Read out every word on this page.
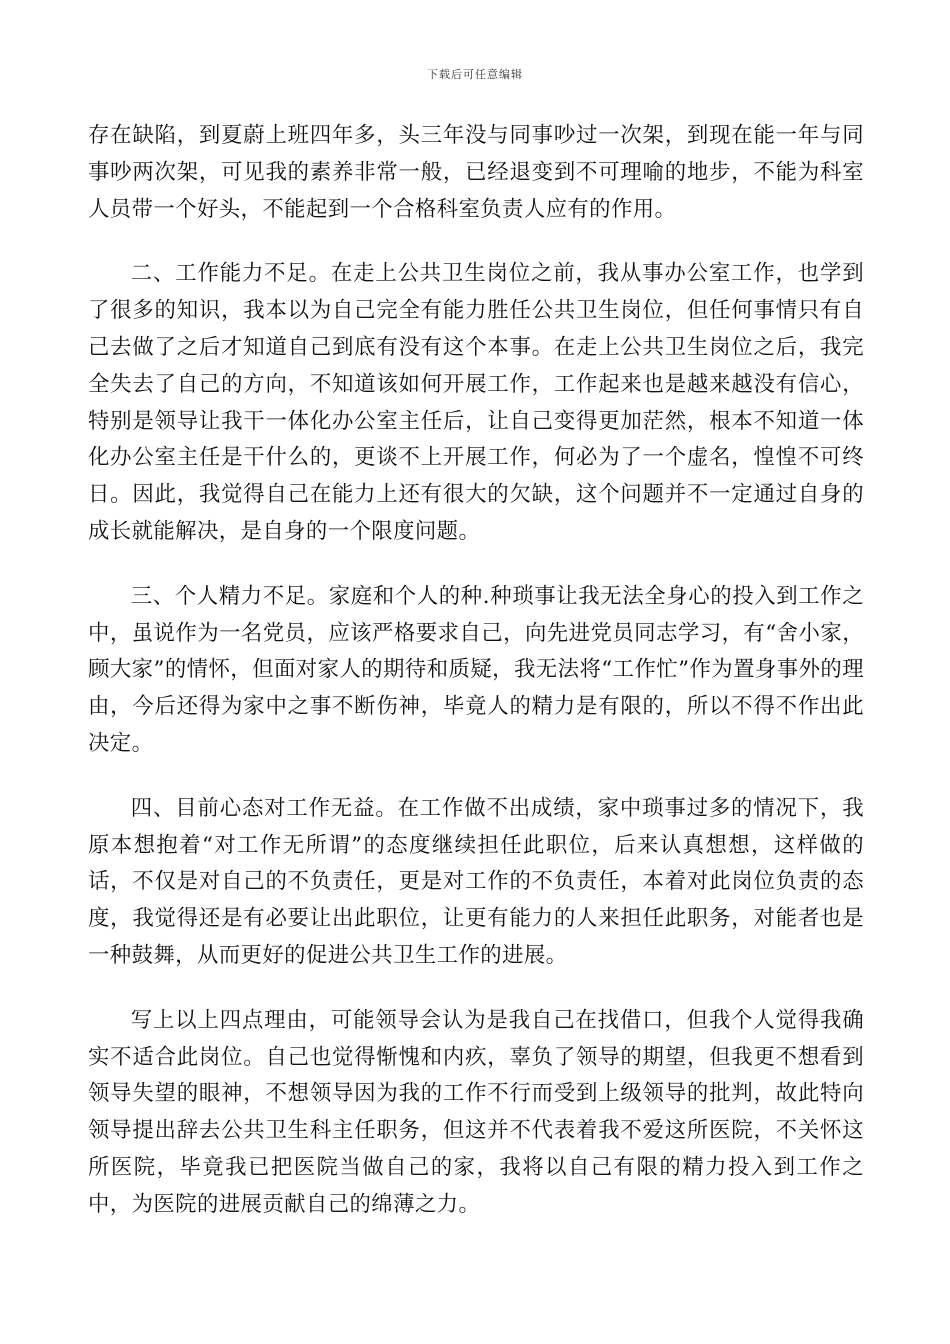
下载后可任意编辑

存在缺陷，到夏蔚上班四年多，头三年没与同事吵过一次架，到现在能一年与同事吵两次架，可见我的素养非常一般，已经退变到不可理喻的地步，不能为科室人员带一个好头，不能起到一个合格科室负责人应有的作用。

二、工作能力不足。在走上公共卫生岗位之前，我从事办公室工作，也学到了很多的知识，我本以为自己完全有能力胜任公共卫生岗位，但任何事情只有自己去做了之后才知道自己到底有没有这个本事。在走上公共卫生岗位之后，我完全失去了自己的方向，不知道该如何开展工作，工作起来也是越来越没有信心，特别是领导让我干一体化办公室主任后，让自己变得更加茫然，根本不知道一体化办公室主任是干什么的，更谈不上开展工作，何必为了一个虚名，惶惶不可终日。因此，我觉得自己在能力上还有很大的欠缺，这个问题并不一定通过自身的成长就能解决，是自身的一个限度问题。

三、个人精力不足。家庭和个人的种.种琐事让我无法全身心的投入到工作之中，虽说作为一名党员，应该严格要求自己，向先进党员同志学习，有“舍小家，顾大家”的情怀，但面对家人的期待和质疑，我无法将“工作忙”作为置身事外的理由，今后还得为家中之事不断伤神，毕竟人的精力是有限的，所以不得不作出此决定。

四、目前心态对工作无益。在工作做不出成绩，家中琐事过多的情况下，我原本想抱着“对工作无所谓”的态度继续担任此职位，后来认真想想，这样做的话，不仅是对自己的不负责任，更是对工作的不负责任，本着对此岗位负责的态度，我觉得还是有必要让出此职位，让更有能力的人来担任此职务，对能者也是一种鼓舞，从而更好的促进公共卫生工作的进展。

写上以上四点理由，可能领导会认为是我自己在找借口，但我个人觉得我确实不适合此岗位。自己也觉得惭愧和内疚，辜负了领导的期望，但我更不想看到领导失望的眼神，不想领导因为我的工作不行而受到上级领导的批判，故此特向领导提出辞去公共卫生科主任职务，但这并不代表着我不爱这所医院，不关怀这所医院，毕竟我已把医院当做自己的家，我将以自己有限的精力投入到工作之中，为医院的进展贡献自己的绵薄之力。
